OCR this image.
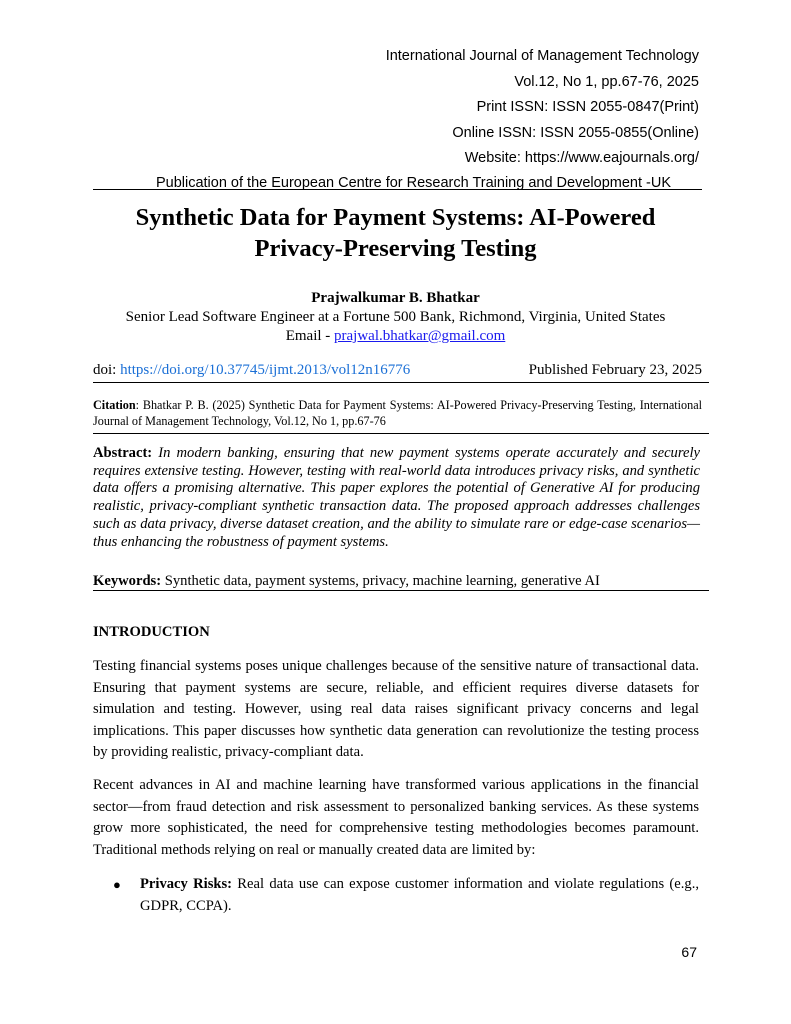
International Journal of Management Technology
Vol.12, No 1, pp.67-76, 2025
Print ISSN: ISSN 2055-0847(Print)
Online ISSN: ISSN 2055-0855(Online)
Website: https://www.eajournals.org/
Publication of the European Centre for Research Training and Development -UK
Synthetic Data for Payment Systems: AI-Powered
Privacy-Preserving Testing
Prajwalkumar B. Bhatkar
Senior Lead Software Engineer at a Fortune 500 Bank, Richmond, Virginia, United States
Email - prajwal.bhatkar@gmail.com
doi: https://doi.org/10.37745/ijmt.2013/vol12n16776	Published February 23, 2025
Citation: Bhatkar P. B. (2025) Synthetic Data for Payment Systems: AI-Powered Privacy-Preserving Testing, International Journal of Management Technology, Vol.12, No 1, pp.67-76
Abstract: In modern banking, ensuring that new payment systems operate accurately and securely requires extensive testing. However, testing with real-world data introduces privacy risks, and synthetic data offers a promising alternative. This paper explores the potential of Generative AI for producing realistic, privacy-compliant synthetic transaction data. The proposed approach addresses challenges such as data privacy, diverse dataset creation, and the ability to simulate rare or edge-case scenarios—thus enhancing the robustness of payment systems.
Keywords: Synthetic data, payment systems, privacy, machine learning, generative AI
INTRODUCTION
Testing financial systems poses unique challenges because of the sensitive nature of transactional data. Ensuring that payment systems are secure, reliable, and efficient requires diverse datasets for simulation and testing. However, using real data raises significant privacy concerns and legal implications. This paper discusses how synthetic data generation can revolutionize the testing process by providing realistic, privacy-compliant data.
Recent advances in AI and machine learning have transformed various applications in the financial sector—from fraud detection and risk assessment to personalized banking services. As these systems grow more sophisticated, the need for comprehensive testing methodologies becomes paramount. Traditional methods relying on real or manually created data are limited by:
● Privacy Risks: Real data use can expose customer information and violate regulations (e.g., GDPR, CCPA).
67
